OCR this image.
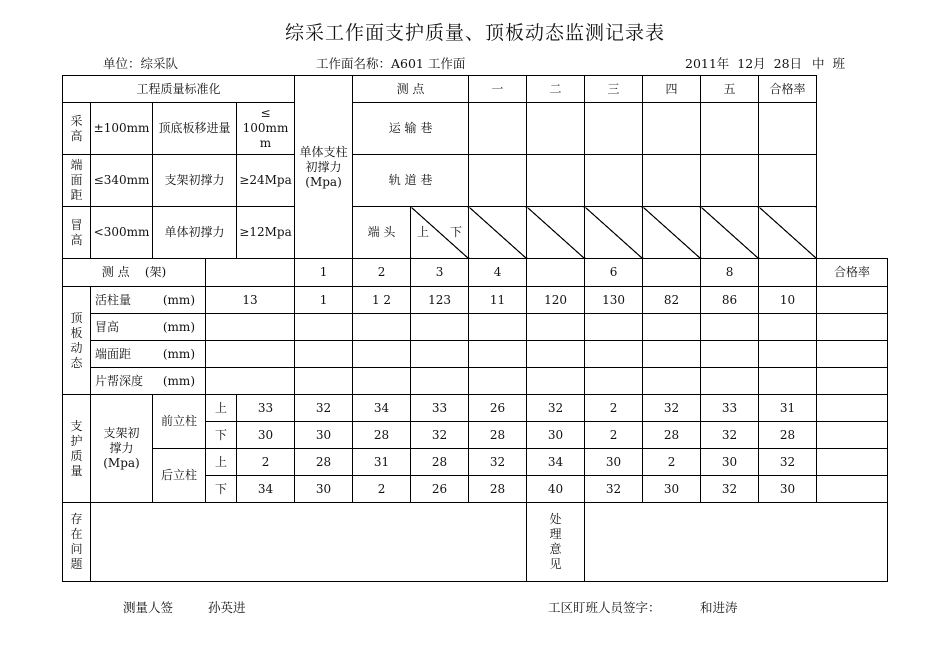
综采工作面支护质量、顶板动态监测记录表
单位：综采队	工作面名称：A601 工作面	2011年  12月  28日 中  班
工程质量标准化					单体支柱初撑力(Mpa)	测 点		一	二	三	四	五	合格率	
采高	±100mm	顶底板移进量		≤ 100mm m		运 输 巷								
端面距	≤340mm	支架初撑力		≥24Mpa		轨 道 巷								
冒高	<300mm	单体初撑力		≥12Mpa		端 头	上 下							

测 点 (架)					1	2	3	4		6		8		合格率
顶板动态	活柱量 (mm)		13		1	1 2	123	11	120	130	82	86	10	
	冒高 (mm)													

	端面距 (mm)													

	片帮深度 (mm)													

支护质量	支架初撑力(Mpa)	前立柱	上	33	32	34	33	26	32	2	32	33	31	
			下	30	30	28	32	28	30	2	28	32	28	
		后立柱	上	2	28	31	28	32	34	30	2	30	32	
			下	34	30	2	26	28	40	32	30	32	30	
存在问题									处理意见					
测量人签	孙英进	工区盯班人员签字：	和进涛
